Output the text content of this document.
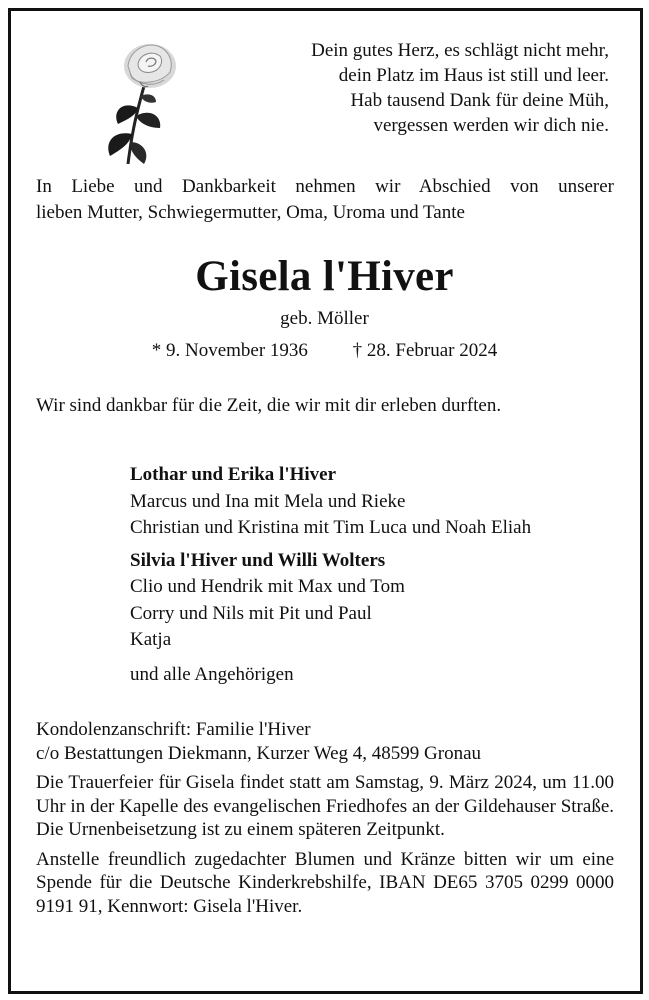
Dein gutes Herz, es schlägt nicht mehr,
dein Platz im Haus ist still und leer.
Hab tausend Dank für deine Müh,
vergessen werden wir dich nie.
In Liebe und Dankbarkeit nehmen wir Abschied von unserer
lieben Mutter, Schwiegermutter, Oma, Uroma und Tante
Gisela l'Hiver
geb. Möller
* 9. November 1936 † 28. Februar 2024
Wir sind dankbar für die Zeit, die wir mit dir erleben durften.
Lothar und Erika l'Hiver
Marcus und Ina mit Mela und Rieke
Christian und Kristina mit Tim Luca und Noah Eliah
Silvia l'Hiver und Willi Wolters
Clio und Hendrik mit Max und Tom
Corry und Nils mit Pit und Paul
Katja
und alle Angehörigen
Kondolenzanschrift: Familie l'Hiver
c/o Bestattungen Diekmann, Kurzer Weg 4, 48599 Gronau
Die Trauerfeier für Gisela findet statt am Samstag, 9. März 2024, um 11.00 Uhr in der Kapelle des evangelischen Friedhofes an der Gildehauser Straße. Die Urnenbeisetzung ist zu einem späteren Zeitpunkt.
Anstelle freundlich zugedachter Blumen und Kränze bitten wir um eine Spende für die Deutsche Kinderkrebshilfe, IBAN DE65 3705 0299 0000 9191 91, Kennwort: Gisela l'Hiver.
